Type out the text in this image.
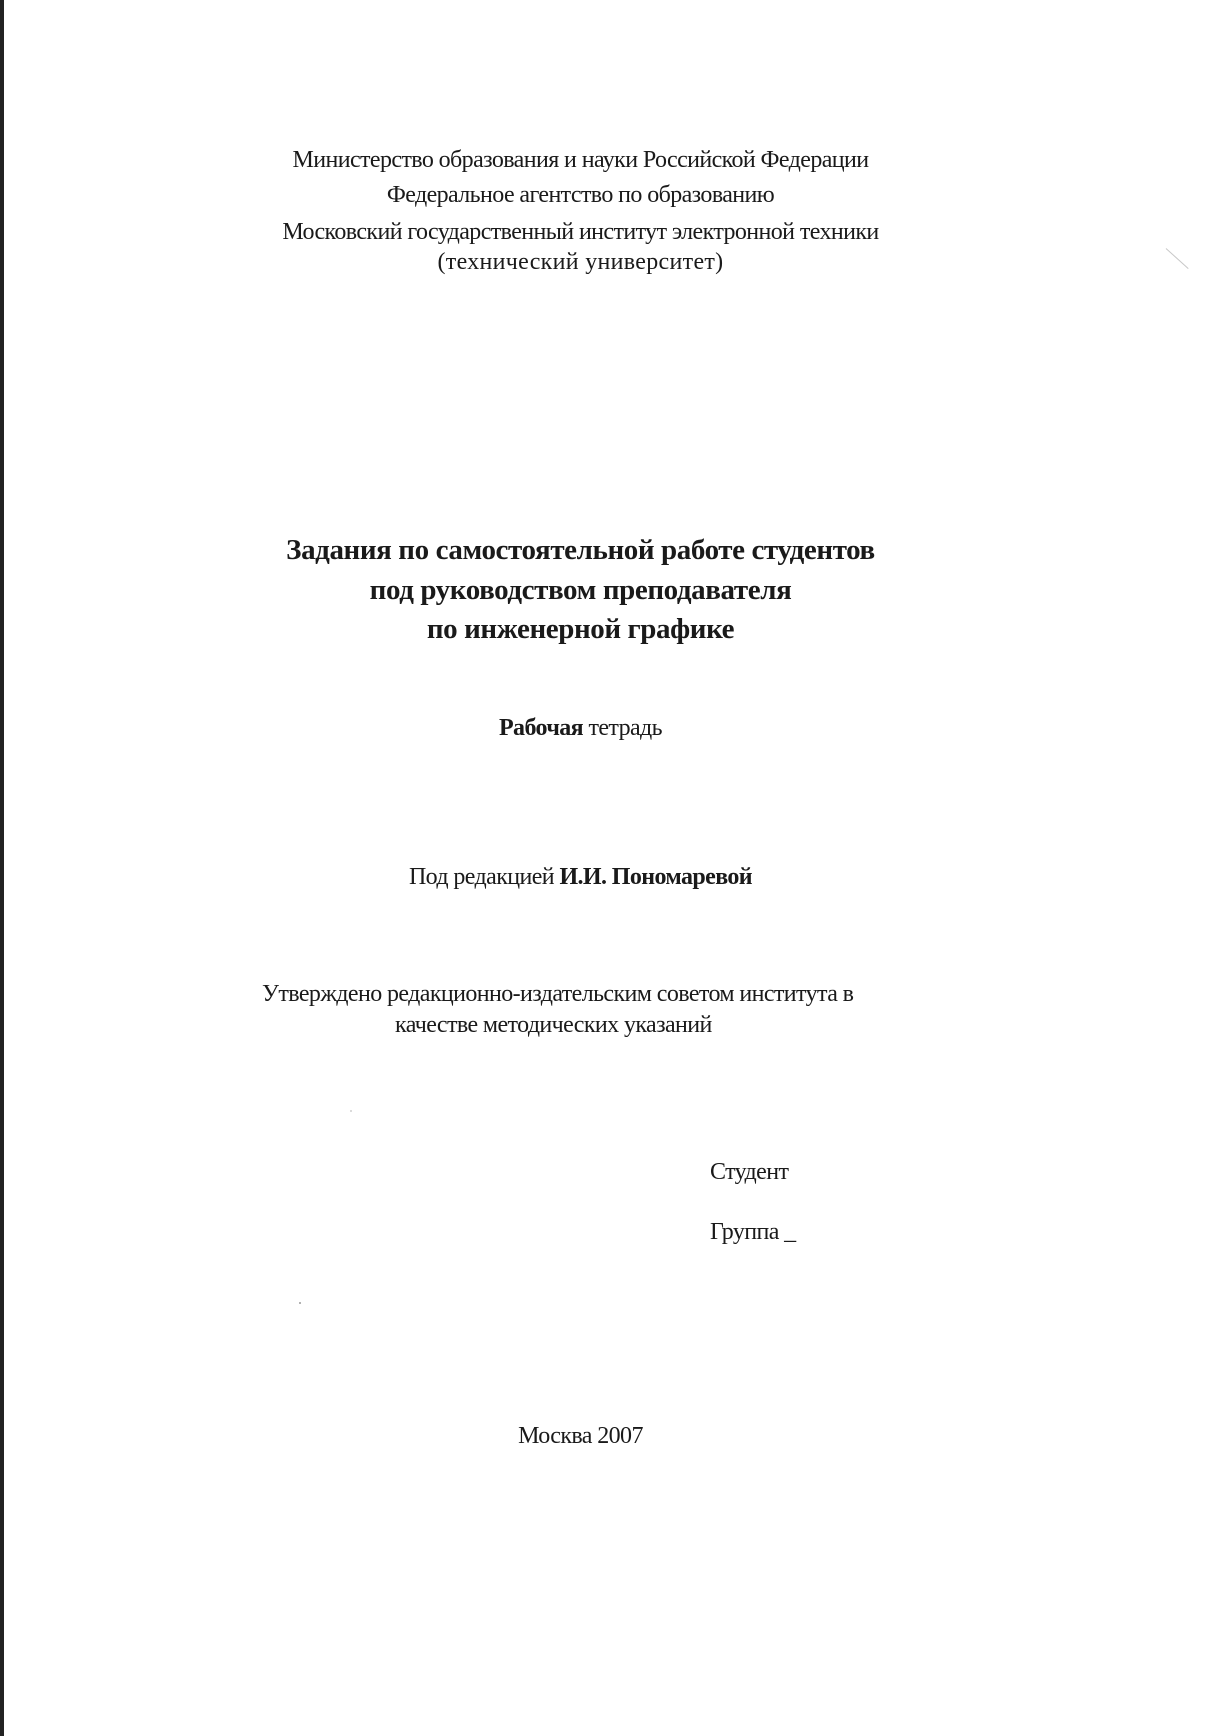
Министерство образования и науки Российской Федерации
Федеральное агентство по образованию
Московский государственный институт электронной техники
(технический университет)
Задания по самостоятельной работе студентов
под руководством преподавателя
по инженерной графике
Рабочая тетрадь
Под редакцией И.И. Пономаревой
Утверждено редакционно-издательским советом института в
качестве методических указаний
Студент
Группа _
Москва 2007
